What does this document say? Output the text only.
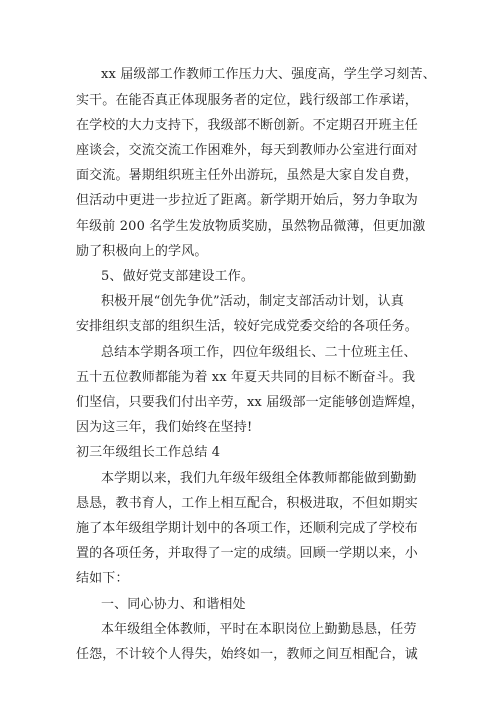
xx 届级部工作教师工作压力大、强度高，学生学习刻苦、
实干。在能否真正体现服务者的定位，践行级部工作承诺，
在学校的大力支持下，我级部不断创新。不定期召开班主任
座谈会，交流交流工作困难外，每天到教师办公室进行面对
面交流。暑期组织班主任外出游玩，虽然是大家自发自费，
但活动中更进一步拉近了距离。新学期开始后，努力争取为
年级前 200 名学生发放物质奖励，虽然物品微薄，但更加激
励了积极向上的学风。
5、做好党支部建设工作。
积极开展“创先争优”活动，制定支部活动计划，认真
安排组织支部的组织生活，较好完成党委交给的各项任务。
总结本学期各项工作，四位年级组长、二十位班主任、
五十五位教师都能为着 xx 年夏天共同的目标不断奋斗。我
们坚信，只要我们付出辛劳，xx 届级部一定能够创造辉煌，
因为这三年，我们始终在坚持!
初三年级组长工作总结 4
本学期以来，我们九年级年级组全体教师都能做到勤勤
恳恳，教书育人，工作上相互配合，积极进取，不但如期实
施了本年级组学期计划中的各项工作，还顺利完成了学校布
置的各项任务，并取得了一定的成绩。回顾一学期以来，小
结如下：
一、同心协力、和谐相处
本年级组全体教师，平时在本职岗位上勤勤恳恳，任劳
任怨，不计较个人得失，始终如一，教师之间互相配合，诚
